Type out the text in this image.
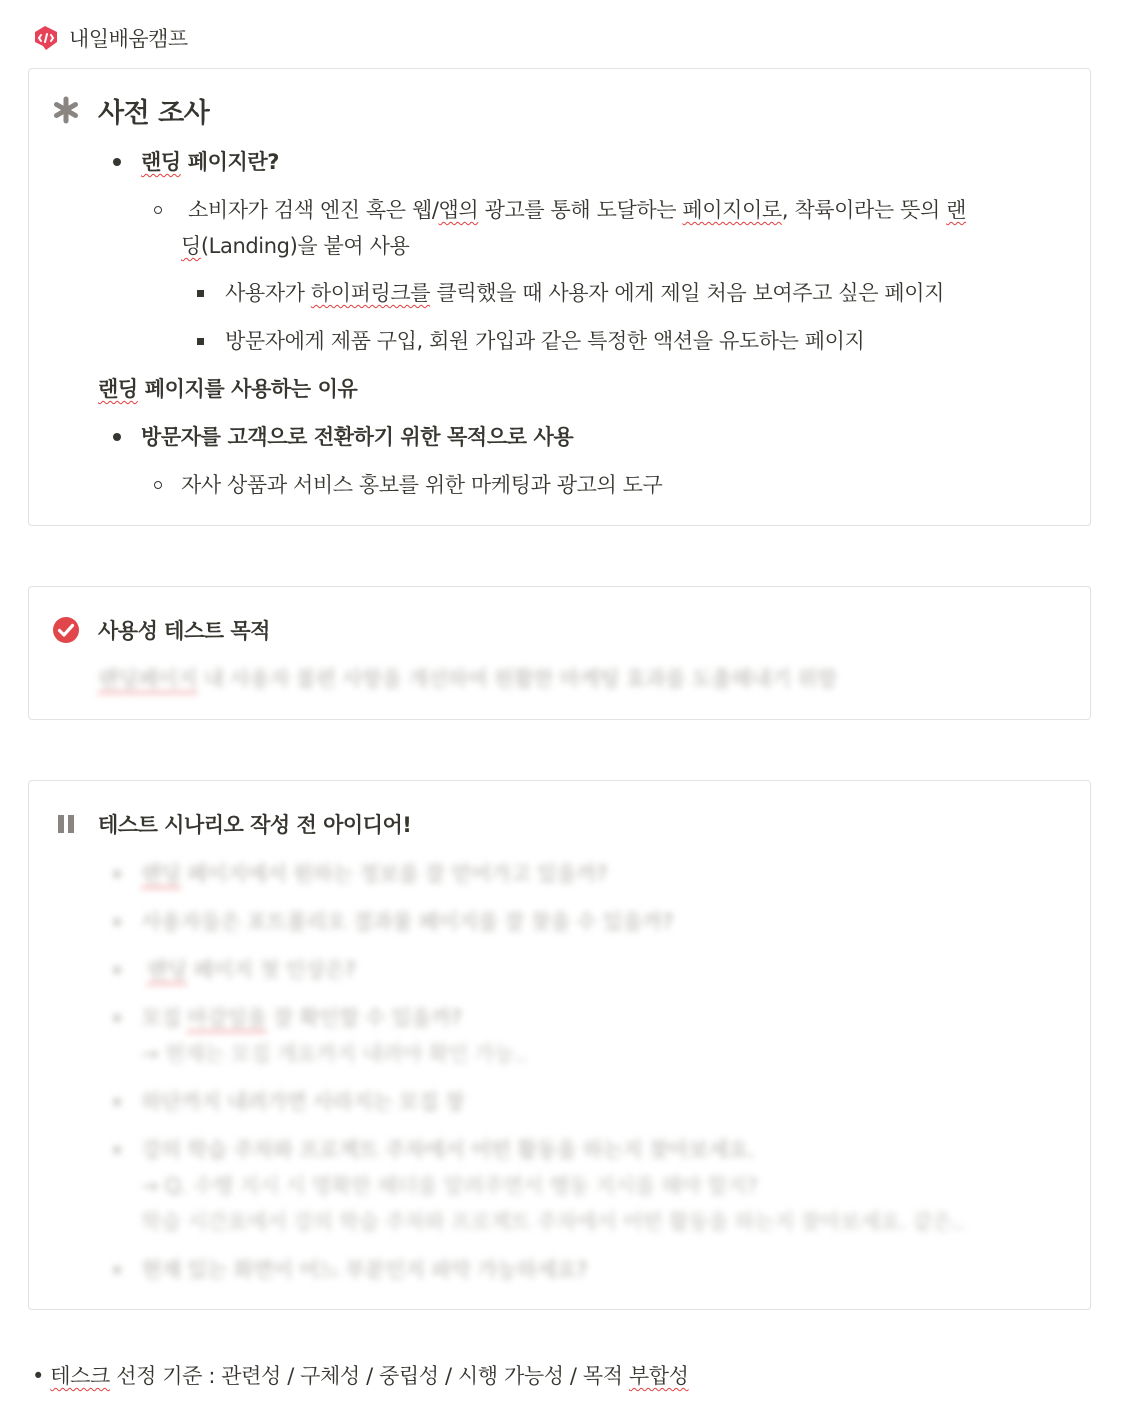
내일배움캠프
사전 조사
랜딩 페이지란?
소비자가 검색 엔진 혹은 웹/앱의 광고를 통해 도달하는 페이지이로, 착륙이라는 뜻의 랜
딩(Landing)을 붙여 사용
사용자가 하이퍼링크를 클릭했을 때 사용자 에게 제일 처음 보여주고 싶은 페이지
방문자에게 제품 구입, 회원 가입과 같은 특정한 액션을 유도하는 페이지
랜딩 페이지를 사용하는 이유
방문자를 고객으로 전환하기 위한 목적으로 사용
자사 상품과 서비스 홍보를 위한 마케팅과 광고의 도구
사용성 테스트 목적
랜딩페이지 내 사용자 불편 사항을 개선하여 원활한 마케팅 효과를 도출해내기 위함
테스트 시나리오 작성 전 아이디어!
랜딩 페이지에서 원하는 정보를 잘 얻어가고 있을까?
사용자들은 포트폴리오 결과물 페이지를 잘 찾을 수 있을까?
랜딩 페이지 첫 인상은?
모집 마감일을 잘 확인할 수 있을까?
→ 현재는 모집 개요까지 내려야 확인 가능..
하단까지 내려가면 사라지는 모집 창
강의 학습 주차와 프로젝트 주차에서 어떤 활동을 하는지 찾아보세요.
→ Q. 수행 지시 시 명확한 헤더를 알려주면서 행동 지시를 해야 할지?
학습 시간표에서 강의 학습 주차와 프로젝트 주차에서 어떤 활동을 하는지 찾아보세요. 같은..
현재 있는 화면이 어느 부분인지 파악 가능하세요?
• 테스크 선정 기준 : 관련성 / 구체성 / 중립성 / 시행 가능성 / 목적 부합성
